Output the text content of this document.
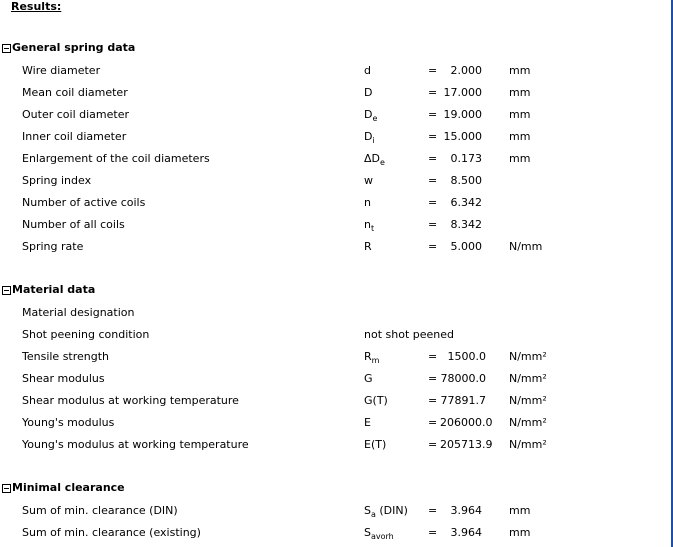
Results:
General spring data
Wire diameter	d	=	2.000 mm
Mean coil diameter	D	= 17.000 mm
Outer coil diameter	$D_e$	= 19.000 mm
Inner coil diameter	$D_i$	= 15.000 mm
Enlargement of the coil diameters	$\Delta D_e$	=	0.173 mm
Spring index	w	=	8.500
Number of active coils	n	=	6.342
Number of all coils	$n_t$	=	8.342
Spring rate	R	=	5.000 N/mm
Material data
Material designation
Shot peening condition	not shot peened
Tensile strength	$R_m$	= 1500.0 N/mm²
Shear modulus	G	= 78000.0 N/mm²
Shear modulus at working temperature	G(T)	= 77891.7 N/mm²
Young's modulus	E	= 206000.0 N/mm²
Young's modulus at working temperature	E(T)	= 205713.9 N/mm²
Minimal clearance
Sum of min. clearance (DIN)	$S_a$ (DIN) =	3.964 mm
Sum of min. clearance (existing)	$S_{avorh}$	=	3.964 mm
